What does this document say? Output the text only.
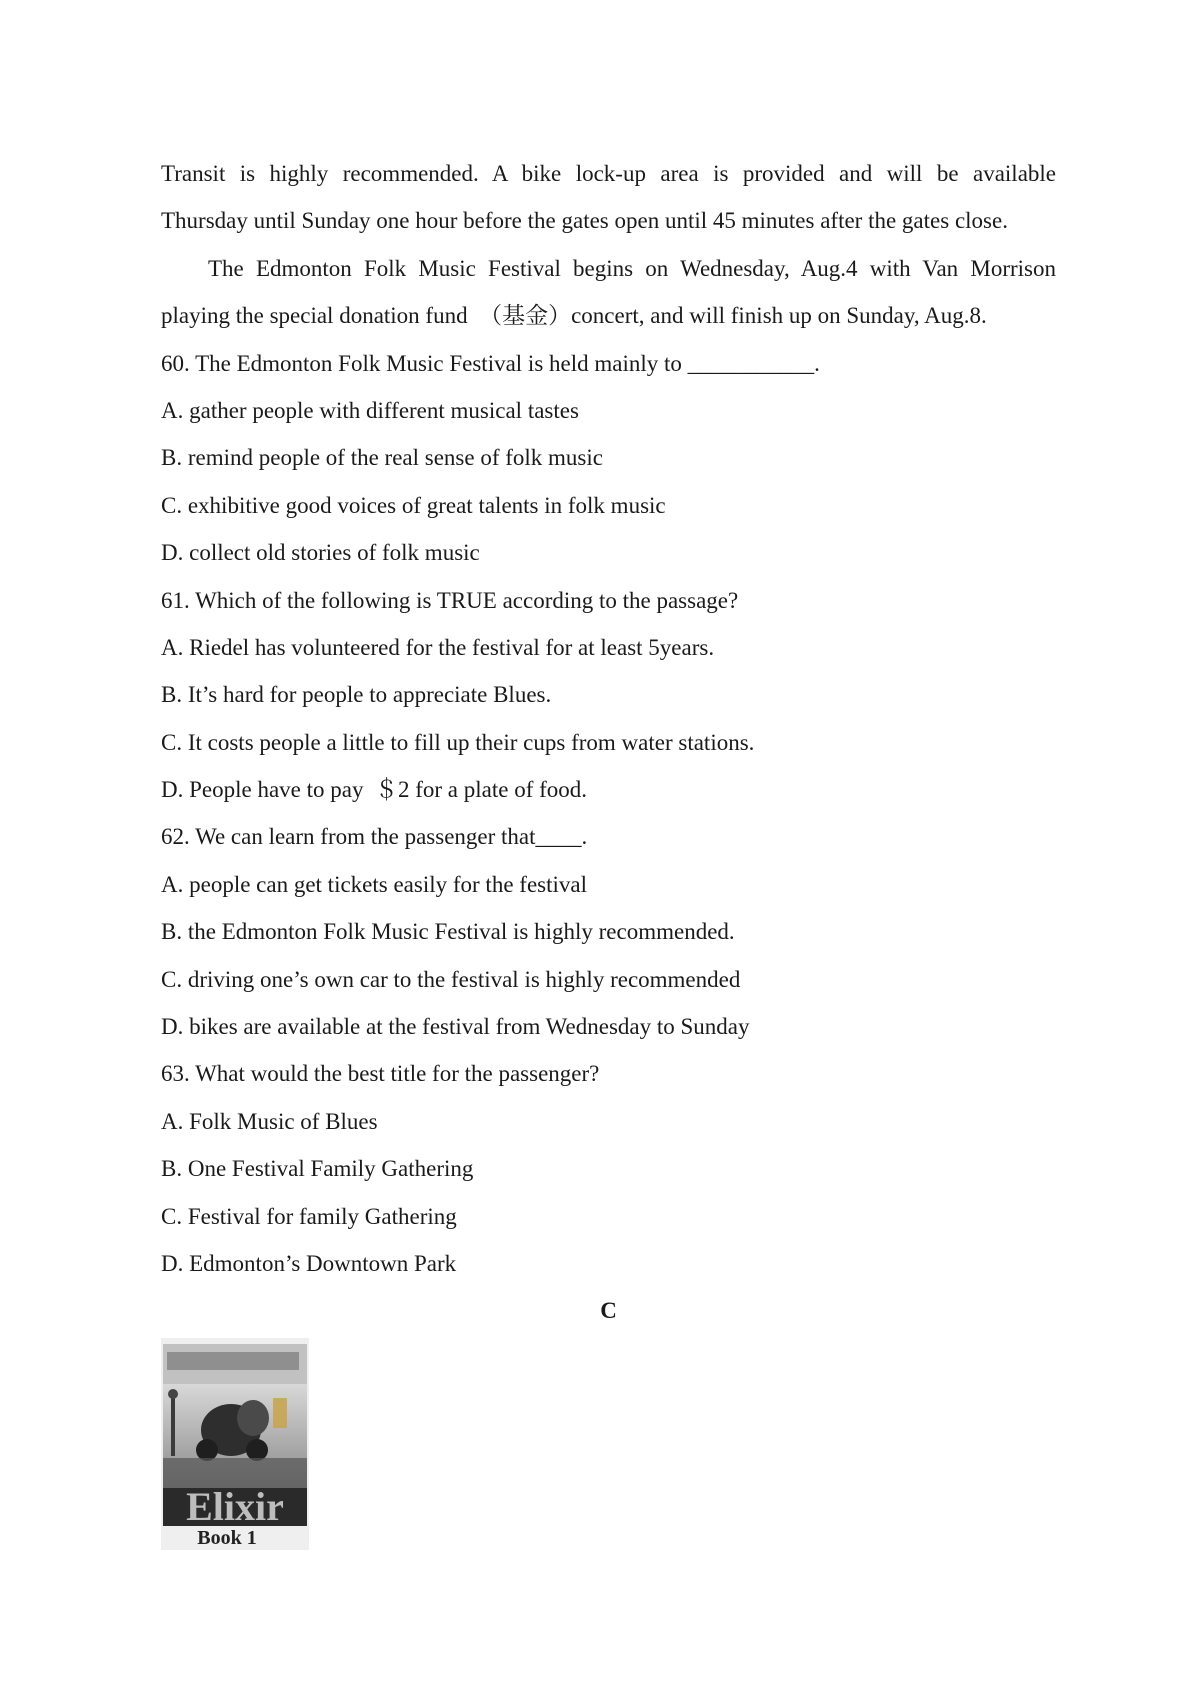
Transit is highly recommended. A bike lock-up area is provided and will be available
Thursday until Sunday one hour before the gates open until 45 minutes after the gates close.
The Edmonton Folk Music Festival begins on Wednesday, Aug.4 with Van Morrison
playing the special donation fund  （基金）concert, and will finish up on Sunday, Aug.8.
60. The Edmonton Folk Music Festival is held mainly to ___________.
A. gather people with different musical tastes
B. remind people of the real sense of folk music
C. exhibitive good voices of great talents in folk music
D. collect old stories of folk music
61. Which of the following is TRUE according to the passage?
A. Riedel has volunteered for the festival for at least 5years.
B. It’s hard for people to appreciate Blues.
C. It costs people a little to fill up their cups from water stations.
D. People have to pay  ＄2 for a plate of food.
62. We can learn from the passenger that____.
A. people can get tickets easily for the festival
B. the Edmonton Folk Music Festival is highly recommended.
C. driving one’s own car to the festival is highly recommended
D. bikes are available at the festival from Wednesday to Sunday
63. What would the best title for the passenger?
A. Folk Music of Blues
B. One Festival Family Gathering
C. Festival for family Gathering
D. Edmonton’s Downtown Park
C
Elixir
Book 1
